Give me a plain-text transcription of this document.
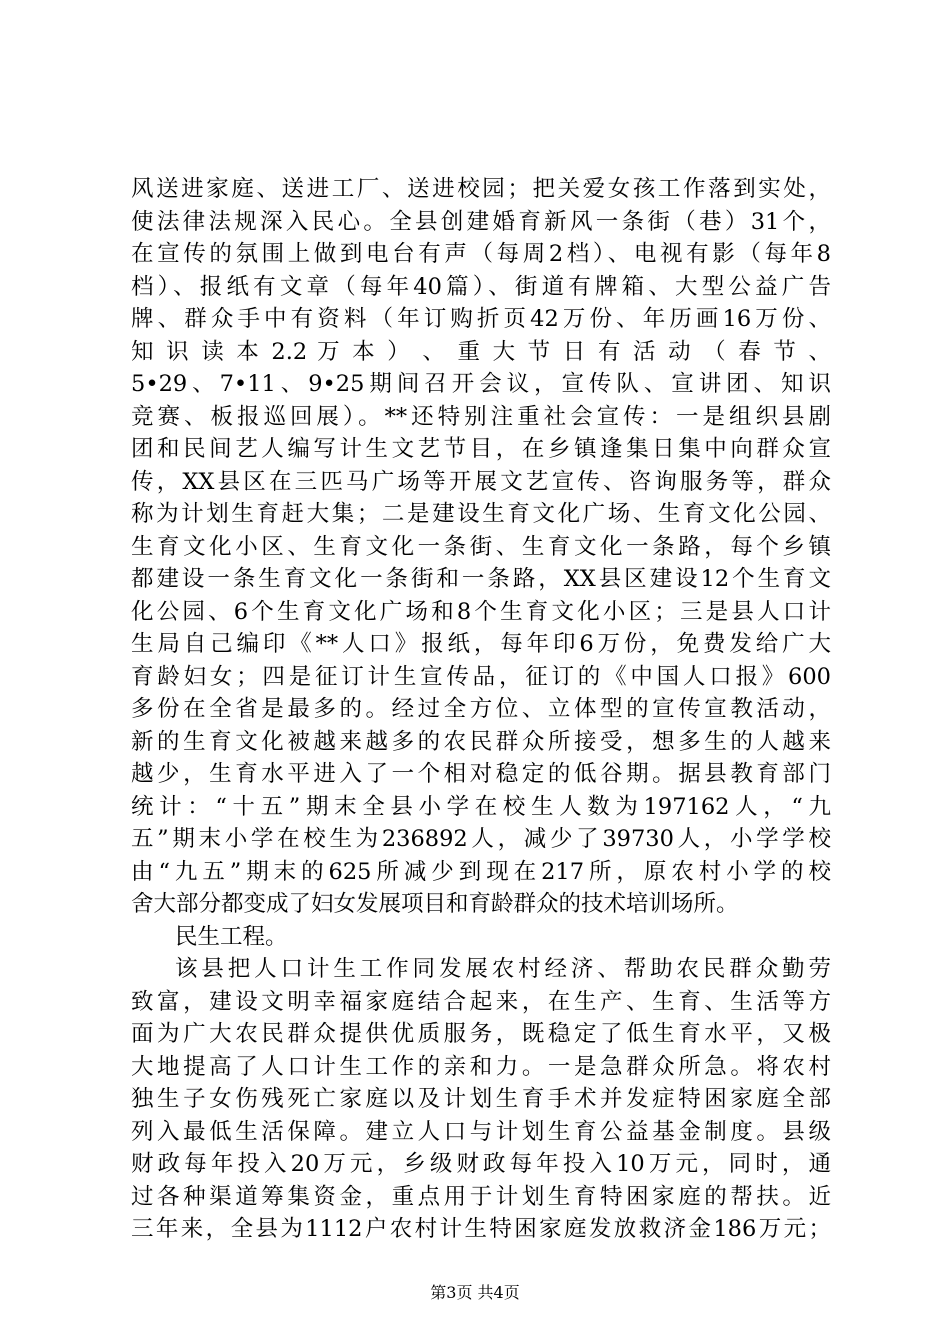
风送进家庭、送进工厂、送进校园；把关爱女孩工作落到实处，
使法律法规深入民心。全县创建婚育新风一条街（巷）31个，
在宣传的氛围上做到电台有声（每周2档）、电视有影（每年8
档）、报纸有文章（每年40篇）、街道有牌箱、大型公益广告
牌、群众手中有资料（年订购折页42万份、年历画16万份、
知 识 读 本 2.2 万 本 ） 、 重 大 节 日 有 活 动 （ 春 节 、
5•29、7•11、9•25期间召开会议，宣传队、宣讲团、知识
竞赛、板报巡回展）。**还特别注重社会宣传：一是组织县剧
团和民间艺人编写计生文艺节目，在乡镇逢集日集中向群众宣
传，XX县区在三匹马广场等开展文艺宣传、咨询服务等，群众
称为计划生育赶大集；二是建设生育文化广场、生育文化公园、
生育文化小区、生育文化一条街、生育文化一条路，每个乡镇
都建设一条生育文化一条街和一条路，XX县区建设12个生育文
化公园、6个生育文化广场和8个生育文化小区；三是县人口计
生局自己编印《**人口》报纸，每年印6万份，免费发给广大
育龄妇女；四是征订计生宣传品，征订的《中国人口报》600
多份在全省是最多的。经过全方位、立体型的宣传宣教活动，
新的生育文化被越来越多的农民群众所接受，想多生的人越来
越少，生育水平进入了一个相对稳定的低谷期。据县教育部门
统计：“十五”期末全县小学在校生人数为197162人，“九
五”期末小学在校生为236892人，减少了39730人，小学学校
由“九五”期末的625所减少到现在217所，原农村小学的校
舍大部分都变成了妇女发展项目和育龄群众的技术培训场所。
民生工程。
该县把人口计生工作同发展农村经济、帮助农民群众勤劳
致富，建设文明幸福家庭结合起来，在生产、生育、生活等方
面为广大农民群众提供优质服务，既稳定了低生育水平，又极
大地提高了人口计生工作的亲和力。一是急群众所急。将农村
独生子女伤残死亡家庭以及计划生育手术并发症特困家庭全部
列入最低生活保障。建立人口与计划生育公益基金制度。县级
财政每年投入20万元，乡级财政每年投入10万元，同时，通
过各种渠道筹集资金，重点用于计划生育特困家庭的帮扶。近
三年来，全县为1112户农村计生特困家庭发放救济金186万元；
第3页 共4页
